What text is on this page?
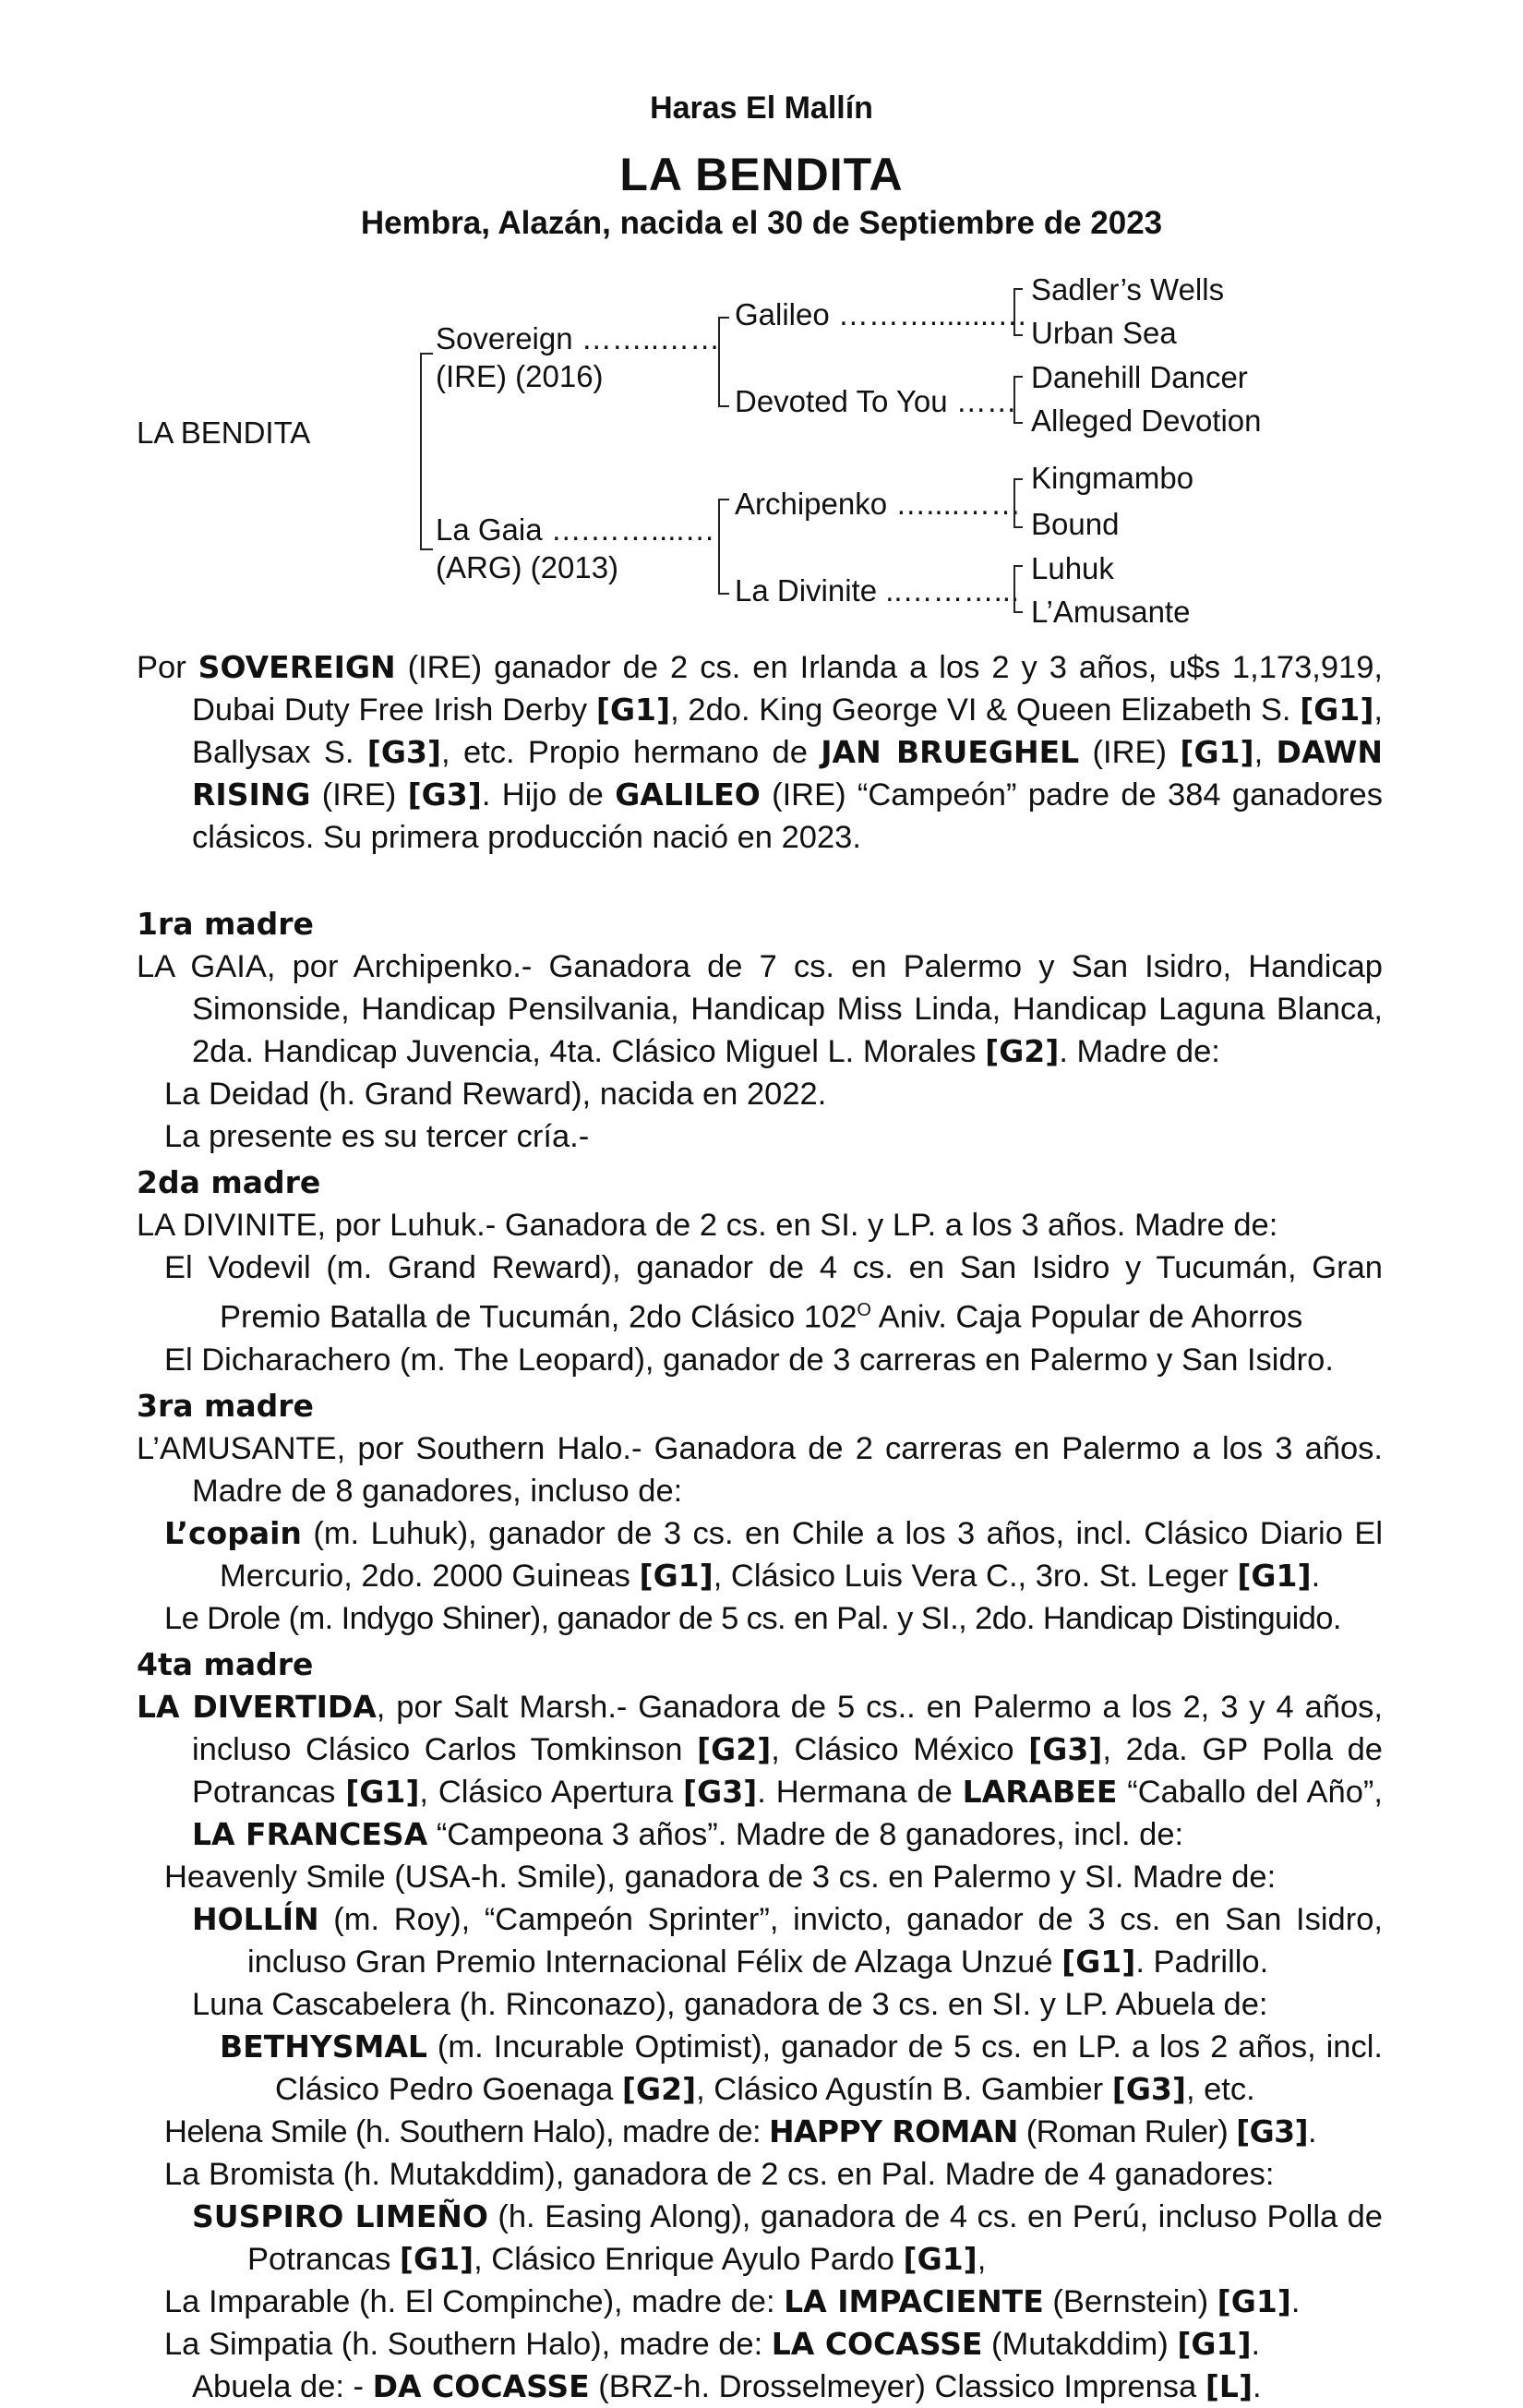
Haras El Mallín
LA BENDITA
Hembra, Alazán, nacida el 30 de Septiembre de 2023
LA BENDITA
Sovereign ……..……
(IRE) (2016)
La Gaia ….……....…
(ARG) (2013)
Galileo ………........…
Devoted To You ……
Archipenko …....……
La Divinite ..………...
Sadler’s Wells
Urban Sea
Danehill Dancer
Alleged Devotion
Kingmambo
Bound
Luhuk
L’Amusante
Por SOVEREIGN (IRE) ganador de 2 cs. en Irlanda a los 2 y 3 años, u$s 1,173,919, Dubai Duty Free Irish Derby [G1], 2do. King George VI & Queen Elizabeth S. [G1], Ballysax S. [G3], etc. Propio hermano de JAN BRUEGHEL (IRE) [G1], DAWN RISING (IRE) [G3]. Hijo de GALILEO (IRE) “Campeón” padre de 384 ganadores clásicos. Su primera producción nació en 2023.
1ra madre
LA GAIA, por Archipenko.- Ganadora de 7 cs. en Palermo y San Isidro, Handicap Simonside, Handicap Pensilvania, Handicap Miss Linda, Handicap Laguna Blanca, 2da. Handicap Juvencia, 4ta. Clásico Miguel L. Morales [G2]. Madre de:
La Deidad (h. Grand Reward), nacida en 2022.
La presente es su tercer cría.-
2da madre
LA DIVINITE, por Luhuk.- Ganadora de 2 cs. en SI. y LP. a los 3 años. Madre de:
El Vodevil (m. Grand Reward), ganador de 4 cs. en San Isidro y Tucumán, Gran Premio Batalla de Tucumán, 2do Clásico $102^O$ Aniv. Caja Popular de Ahorros
El Dicharachero (m. The Leopard), ganador de 3 carreras en Palermo y San Isidro.
3ra madre
L’AMUSANTE, por Southern Halo.- Ganadora de 2 carreras en Palermo a los 3 años. Madre de 8 ganadores, incluso de:
L’copain (m. Luhuk), ganador de 3 cs. en Chile a los 3 años, incl. Clásico Diario El Mercurio, 2do. 2000 Guineas [G1], Clásico Luis Vera C., 3ro. St. Leger [G1].
Le Drole (m. Indygo Shiner), ganador de 5 cs. en Pal. y SI., 2do. Handicap Distinguido.
4ta madre
LA DIVERTIDA, por Salt Marsh.- Ganadora de 5 cs.. en Palermo a los 2, 3 y 4 años, incluso Clásico Carlos Tomkinson [G2], Clásico México [G3], 2da. GP Polla de Potrancas [G1], Clásico Apertura [G3]. Hermana de LARABEE “Caballo del Año”, LA FRANCESA “Campeona 3 años”. Madre de 8 ganadores, incl. de:
Heavenly Smile (USA-h. Smile), ganadora de 3 cs. en Palermo y SI. Madre de:
HOLLÍN (m. Roy), “Campeón Sprinter”, invicto, ganador de 3 cs. en San Isidro, incluso Gran Premio Internacional Félix de Alzaga Unzué [G1]. Padrillo.
Luna Cascabelera (h. Rinconazo), ganadora de 3 cs. en SI. y LP. Abuela de:
BETHYSMAL (m. Incurable Optimist), ganador de 5 cs. en LP. a los 2 años, incl. Clásico Pedro Goenaga [G2], Clásico Agustín B. Gambier [G3], etc.
Helena Smile (h. Southern Halo), madre de: HAPPY ROMAN (Roman Ruler) [G3].
La Bromista (h. Mutakddim), ganadora de 2 cs. en Pal. Madre de 4 ganadores:
SUSPIRO LIMEÑO (h. Easing Along), ganadora de 4 cs. en Perú, incluso Polla de Potrancas [G1], Clásico Enrique Ayulo Pardo [G1],
La Imparable (h. El Compinche), madre de: LA IMPACIENTE (Bernstein) [G1].
La Simpatia (h. Southern Halo), madre de: LA COCASSE (Mutakddim) [G1].
Abuela de: - DA COCASSE (BRZ-h. Drosselmeyer) Classico Imprensa [L].
